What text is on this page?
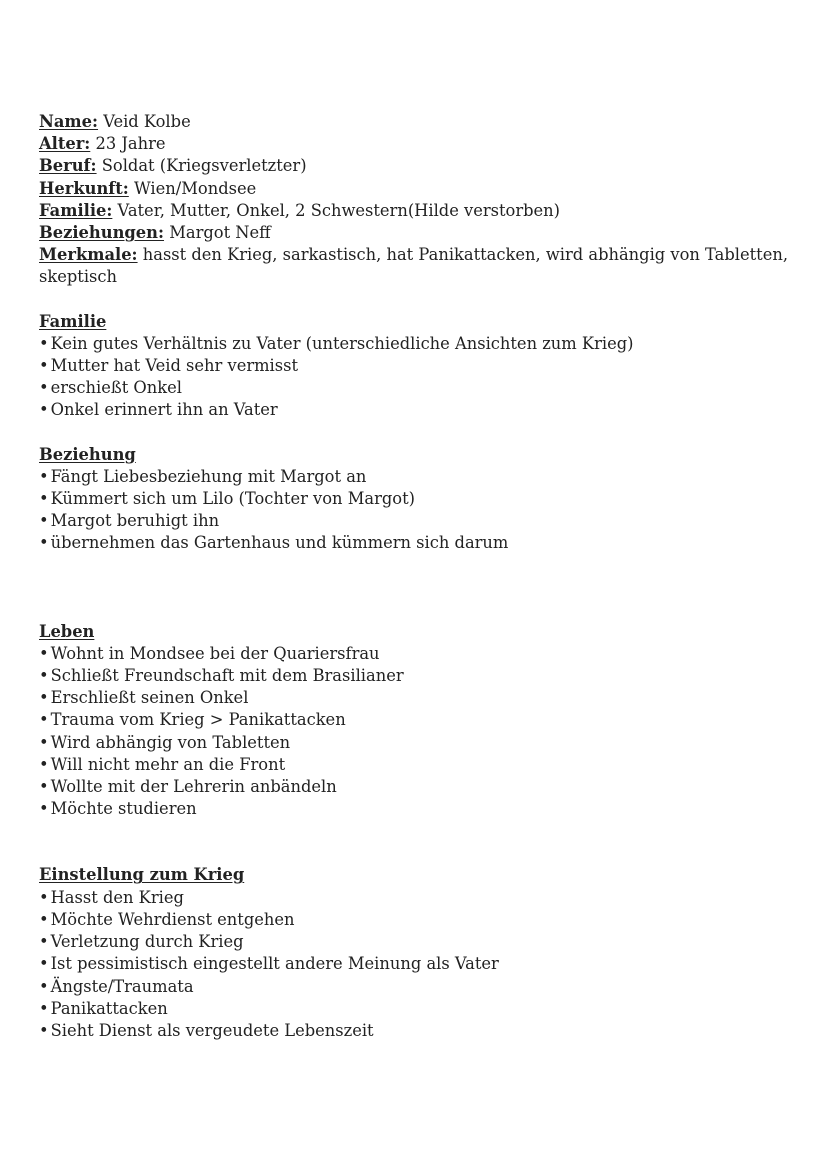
Name: Veid Kolbe

Alter: 23 Jahre

Beruf: Soldat (Kriegsverletzter)

Herkunft: Wien/Mondsee

Familie: Vater, Mutter, Onkel, 2 Schwestern(Hilde verstorben)

Beziehungen: Margot Neff

Merkmale: hasst den Krieg, sarkastisch, hat Panikattacken, wird abhängig von Tabletten, skeptisch

Familie

• Kein gutes Verhältnis zu Vater (unterschiedliche Ansichten zum Krieg)
• Mutter hat Veid sehr vermisst
• erschießt Onkel
• Onkel erinnert ihn an Vater

Beziehung

• Fängt Liebesbeziehung mit Margot an
• Kümmert sich um Lilo (Tochter von Margot)
• Margot beruhigt ihn
• übernehmen das Gartenhaus und kümmern sich darum

Leben

• Wohnt in Mondsee bei der Quariersfrau
• Schließt Freundschaft mit dem Brasilianer
• Erschließt seinen Onkel
• Trauma vom Krieg > Panikattacken
• Wird abhängig von Tabletten
• Will nicht mehr an die Front
• Wollte mit der Lehrerin anbändeln
• Möchte studieren

Einstellung zum Krieg

• Hasst den Krieg
• Möchte Wehrdienst entgehen
• Verletzung durch Krieg
• Ist pessimistisch eingestellt andere Meinung als Vater
• Ängste/Traumata
• Panikattacken
• Sieht Dienst als vergeudete Lebenszeit
